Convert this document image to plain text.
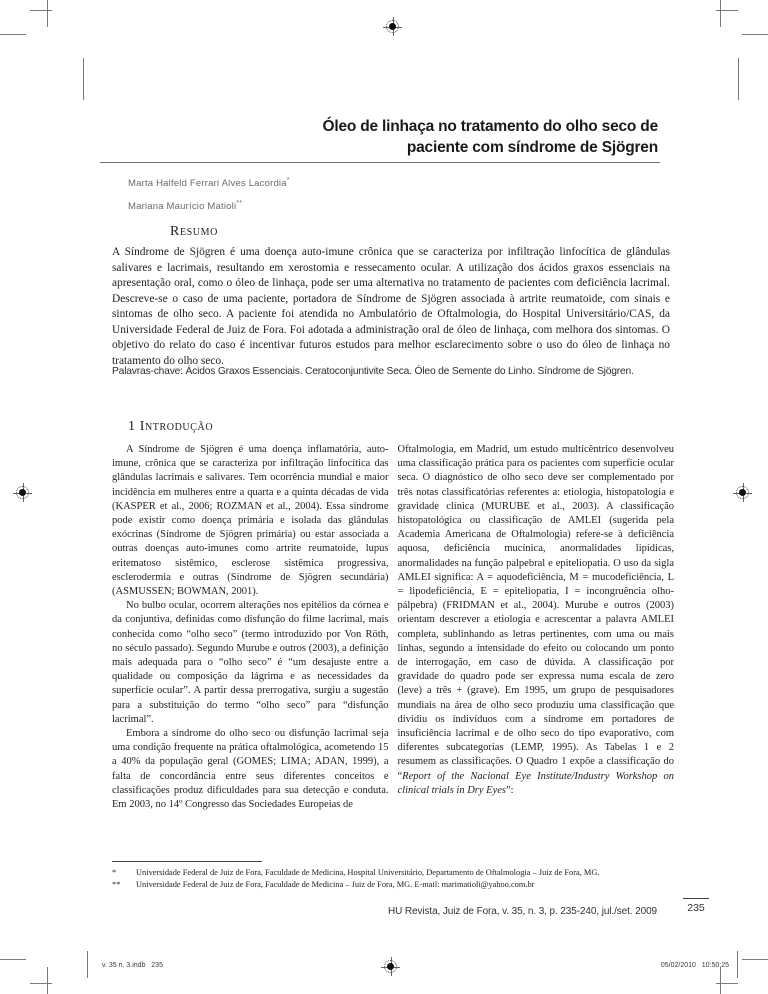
Óleo de linhaça no tratamento do olho seco de
paciente com síndrome de Sjögren
Marta Halfeld Ferrari Alves Lacordia*
Mariana Maurício Matioli**
Resumo
A Síndrome de Sjögren é uma doença auto-imune crônica que se caracteriza por infiltração linfocítica de glândulas salivares e lacrimais, resultando em xerostomia e ressecamento ocular. A utilização dos ácidos graxos essenciais na apresentação oral, como o óleo de linhaça, pode ser uma alternativa no tratamento de pacientes com deficiência lacrimal. Descreve-se o caso de uma paciente, portadora de Síndrome de Sjögren associada à artrite reumatoide, com sinais e sintomas de olho seco. A paciente foi atendida no Ambulatório de Oftalmologia, do Hospital Universitário/CAS, da Universidade Federal de Juiz de Fora. Foi adotada a administração oral de óleo de linhaça, com melhora dos sintomas. O objetivo do relato do caso é incentivar futuros estudos para melhor esclarecimento sobre o uso do óleo de linhaça no tratamento do olho seco.
Palavras-chave: Ácidos Graxos Essenciais. Ceratoconjuntivite Seca. Óleo de Semente do Linho. Síndrome de Sjögren.
1 Introdução

A Síndrome de Sjögren é uma doença inflamatória, auto-imune, crônica que se caracteriza por infiltração linfocítica das glândulas lacrimais e salivares. Tem ocorrência mundial e maior incidência em mulheres entre a quarta e a quinta décadas de vida (KASPER et al., 2006; ROZMAN et al., 2004). Essa síndrome pode existir como doença primária e isolada das glândulas exócrinas (Síndrome de Sjögren primária) ou estar associada a outras doenças auto-imunes como artrite reumatoide, lupus eritematoso sistêmico, esclerose sistêmica progressiva, esclerodermia e outras (Síndrome de Sjögren secundária) (ASMUSSEN; BOWMAN, 2001).

No bulbo ocular, ocorrem alterações nos epitélios da córnea e da conjuntiva, definidas como disfunção do filme lacrimal, mais conhecida como “olho seco” (termo introduzido por Von Röth, no século passado). Segundo Murube e outros (2003), a definição mais adequada para o “olho seco” é “um desajuste entre a qualidade ou composição da lágrima e as necessidades da superfície ocular”. A partir dessa prerrogativa, surgiu a sugestão para a substituição do termo “olho seco” para “disfunção lacrimal”.

Embora a síndrome do olho seco ou disfunção lacrimal seja uma condição frequente na prática oftalmológica, acometendo 15 a 40% da população geral (GOMES; LIMA; ADAN, 1999), a falta de concordância entre seus diferentes conceitos e classificações produz dificuldades para sua detecção e conduta. Em 2003, no 14º Congresso das Sociedades Europeias de

Oftalmologia, em Madrid, um estudo multicêntrico desenvolveu uma classificação prática para os pacientes com superfície ocular seca. O diagnóstico de olho seco deve ser complementado por três notas classificatórias referentes a: etiologia, histopatologia e gravidade clínica (MURUBE et al., 2003). A classificação histopatológica ou classificação de AMLEI (sugerida pela Academia Americana de Oftalmologia) refere-se à deficiência aquosa, deficiência mucínica, anormalidades lipídicas, anormalidades na função palpebral e epiteliopatia. O uso da sigla AMLEI significa: A = aquodeficiência, M = mucodeficiência, L = lipodeficiência, E = epiteliopatia, I = incongruência olho-pálpebra) (FRIDMAN et al., 2004). Murube e outros (2003) orientam descrever a etiologia e acrescentar a palavra AMLEI completa, sublinhando as letras pertinentes, com uma ou mais linhas, segundo a intensidade do efeito ou colocando um ponto de interrogação, em caso de dúvida. A classificação por gravidade do quadro pode ser expressa numa escala de zero (leve) a três + (grave). Em 1995, um grupo de pesquisadores mundiais na área de olho seco produziu uma classificação que dividiu os indivíduos com a síndrome em portadores de insuficiência lacrimal e de olho seco do tipo evaporativo, com diferentes subcategorias (LEMP, 1995). As Tabelas 1 e 2 resumem as classificações. O Quadro 1 expõe a classificação do “Report of the Nacional Eye Institute/Industry Workshop on clinical trials in Dry Eyes”:

*	Universidade Federal de Juiz de Fora, Faculdade de Medicina, Hospital Universitário, Departamento de Oftalmologia – Juiz de Fora, MG.
**	Universidade Federal de Juiz de Fora, Faculdade de Medicina – Juiz de Fora, MG. E-mail: marimatioli@yahoo.com.br
HU Revista, Juiz de Fora, v. 35, n. 3, p. 235-240, jul./set. 2009	235
v. 35 n. 3.indb   235	05/02/2010   10:50:25
